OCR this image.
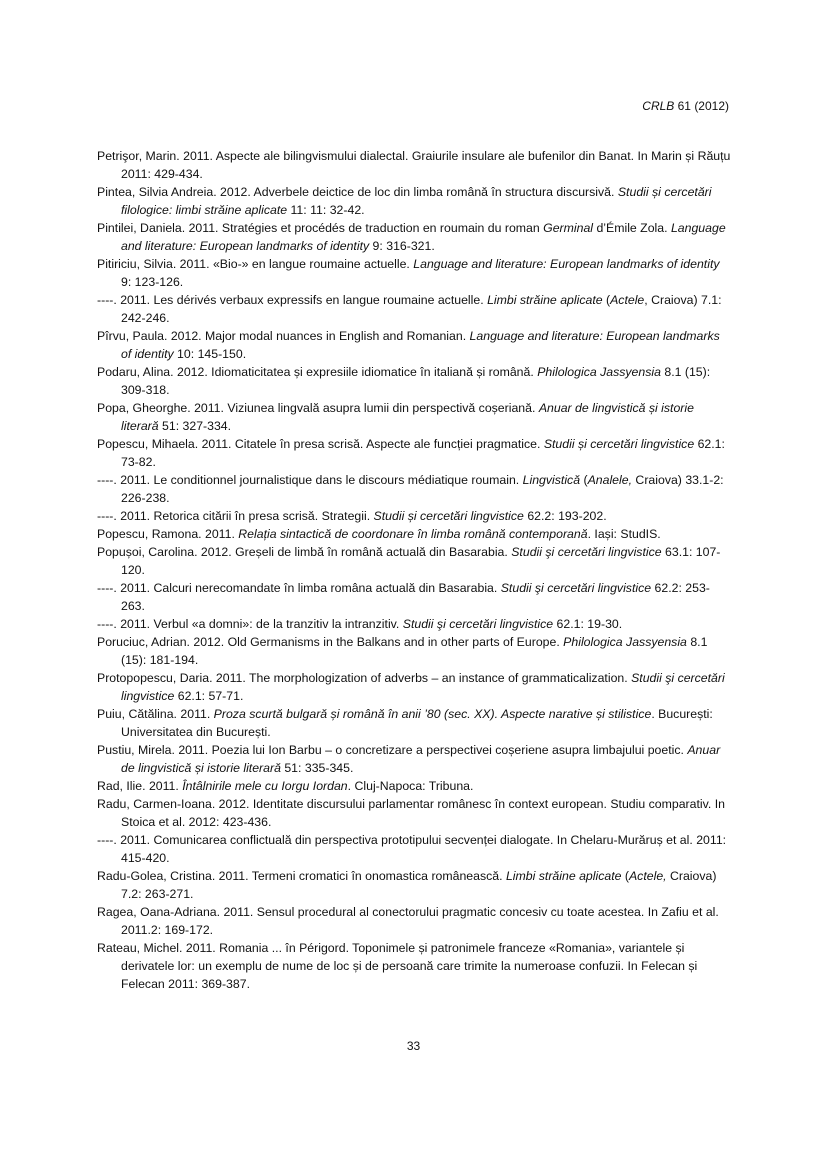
CRLB 61 (2012)

Petrişor, Marin. 2011. Aspecte ale bilingvismului dialectal. Graiurile insulare ale bufenilor din Banat. In Marin și Răuțu 2011: 429-434.

Pintea, Silvia Andreia. 2012. Adverbele deictice de loc din limba română în structura discursivă. Studii și cercetări filologice: limbi străine aplicate 11: 11: 32-42.

Pintilei, Daniela. 2011. Stratégies et procédés de traduction en roumain du roman Germinal d’Émile Zola. Language and literature: European landmarks of identity 9: 316-321.

Pitiriciu, Silvia. 2011. «Bio-» en langue roumaine actuelle. Language and literature: European landmarks of identity 9: 123-126.

----. 2011. Les dérivés verbaux expressifs en langue roumaine actuelle. Limbi străine aplicate (Actele, Craiova) 7.1: 242-246.

Pîrvu, Paula. 2012. Major modal nuances in English and Romanian. Language and literature: European landmarks of identity 10: 145-150.

Podaru, Alina. 2012. Idiomaticitatea și expresiile idiomatice în italiană și română. Philologica Jassyensia 8.1 (15): 309-318.

Popa, Gheorghe. 2011. Viziunea lingvală asupra lumii din perspectivă coșeriană. Anuar de lingvistică și istorie literară 51: 327-334.

Popescu, Mihaela. 2011. Citatele în presa scrisă. Aspecte ale funcției pragmatice. Studii și cercetări lingvistice 62.1: 73-82.

----. 2011. Le conditionnel journalistique dans le discours médiatique roumain. Lingvistică (Analele, Craiova) 33.1-2: 226-238.

----. 2011. Retorica citării în presa scrisă. Strategii. Studii și cercetări lingvistice 62.2: 193-202.

Popescu, Ramona. 2011. Relația sintactică de coordonare în limba română contemporană. Iași: StudIS.

Popușoi, Carolina. 2012. Greșeli de limbă în română actuală din Basarabia. Studii şi cercetări lingvistice 63.1: 107-120.

----. 2011. Calcuri nerecomandate în limba româna actuală din Basarabia. Studii şi cercetări lingvistice 62.2: 253-263.

----. 2011. Verbul «a domni»: de la tranzitiv la intranzitiv. Studii şi cercetări lingvistice 62.1: 19-30.

Poruciuc, Adrian. 2012. Old Germanisms in the Balkans and in other parts of Europe. Philologica Jassyensia 8.1 (15): 181-194.

Protopopescu, Daria. 2011. The morphologization of adverbs – an instance of grammaticalization. Studii şi cercetări lingvistice 62.1: 57-71.

Puiu, Cătălina. 2011. Proza scurtă bulgară și română în anii ’80 (sec. XX). Aspecte narative și stilistice. București: Universitatea din București.

Pustiu, Mirela. 2011. Poezia lui Ion Barbu – o concretizare a perspectivei coșeriene asupra limbajului poetic. Anuar de lingvistică și istorie literară 51: 335-345.

Rad, Ilie. 2011. Întâlnirile mele cu Iorgu Iordan. Cluj-Napoca: Tribuna.

Radu, Carmen-Ioana. 2012. Identitate discursului parlamentar românesc în context european. Studiu comparativ. In Stoica et al. 2012: 423-436.

----. 2011. Comunicarea conflictuală din perspectiva prototipului secvenței dialogate. In Chelaru-Murăruș et al. 2011: 415-420.

Radu-Golea, Cristina. 2011. Termeni cromatici în onomastica românească. Limbi străine aplicate (Actele, Craiova) 7.2: 263-271.

Ragea, Oana-Adriana. 2011. Sensul procedural al conectorului pragmatic concesiv cu toate acestea. In Zafiu et al. 2011.2: 169-172.

Rateau, Michel. 2011. Romania ... în Périgord. Toponimele și patronimele franceze «Romania», variantele și derivatele lor: un exemplu de nume de loc și de persoană care trimite la numeroase confuzii. In Felecan și Felecan 2011: 369-387.

33
